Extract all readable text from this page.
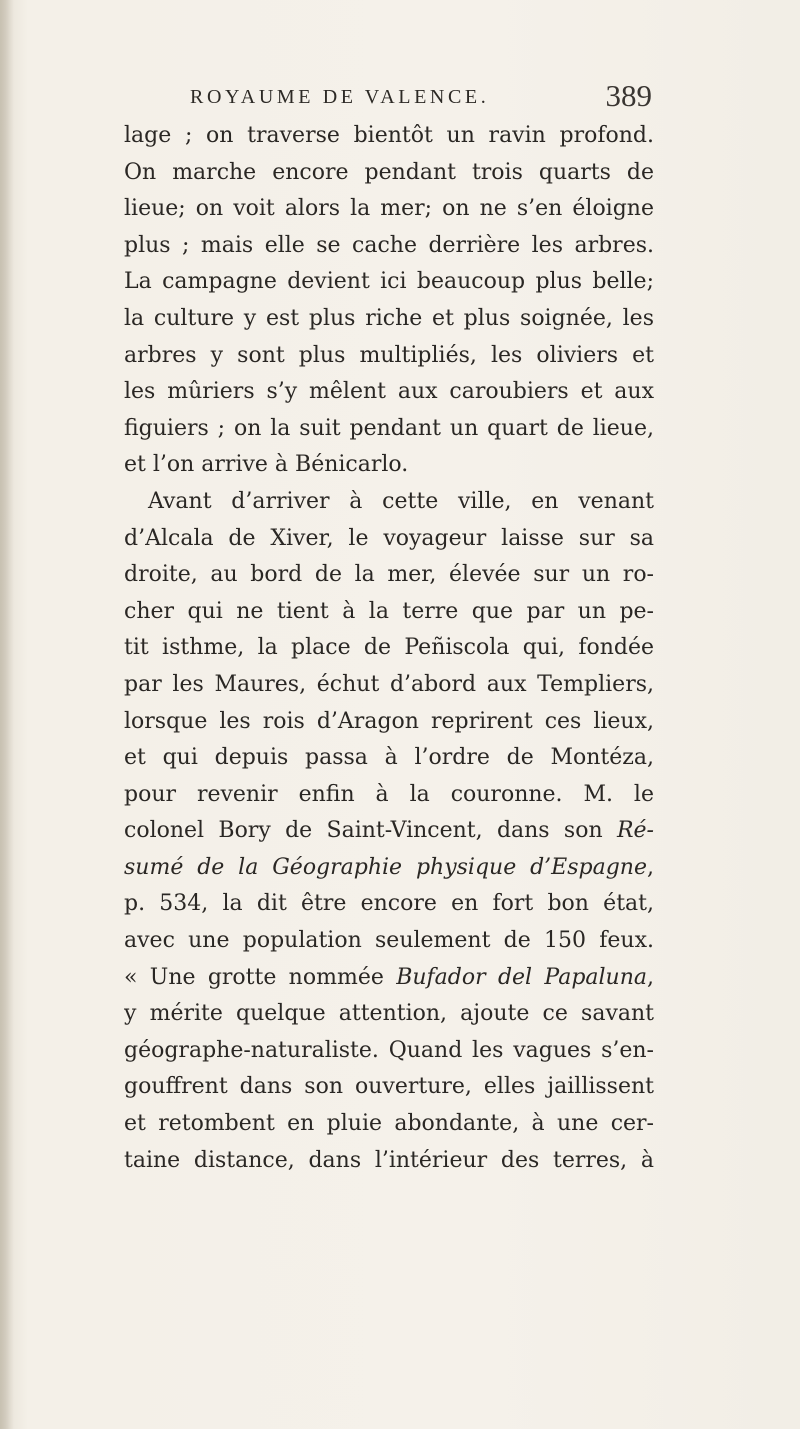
ROYAUME DE VALENCE.	389
lage ; on traverse bientôt un ravin profond.
On marche encore pendant trois quarts de
lieue; on voit alors la mer; on ne s’en éloigne
plus ; mais elle se cache derrière les arbres.
La campagne devient ici beaucoup plus belle;
la culture y est plus riche et plus soignée, les
arbres y sont plus multipliés, les oliviers et
les mûriers s’y mêlent aux caroubiers et aux
figuiers ; on la suit pendant un quart de lieue,
et l’on arrive à Bénicarlo.
Avant d’arriver à cette ville, en venant
d’Alcala de Xiver, le voyageur laisse sur sa
droite, au bord de la mer, élevée sur un ro-
cher qui ne tient à la terre que par un pe-
tit isthme, la place de Peñiscola qui, fondée
par les Maures, échut d’abord aux Templiers,
lorsque les rois d’Aragon reprirent ces lieux,
et qui depuis passa à l’ordre de Montéza,
pour revenir enfin à la couronne. M. le
colonel Bory de Saint-Vincent, dans son Ré-
sumé de la Géographie physique d’Espagne,
p. 534, la dit être encore en fort bon état,
avec une population seulement de 150 feux.
« Une grotte nommée Bufador del Papaluna,
y mérite quelque attention, ajoute ce savant
géographe-naturaliste. Quand les vagues s’en-
gouffrent dans son ouverture, elles jaillissent
et retombent en pluie abondante, à une cer-
taine distance, dans l’intérieur des terres, à
